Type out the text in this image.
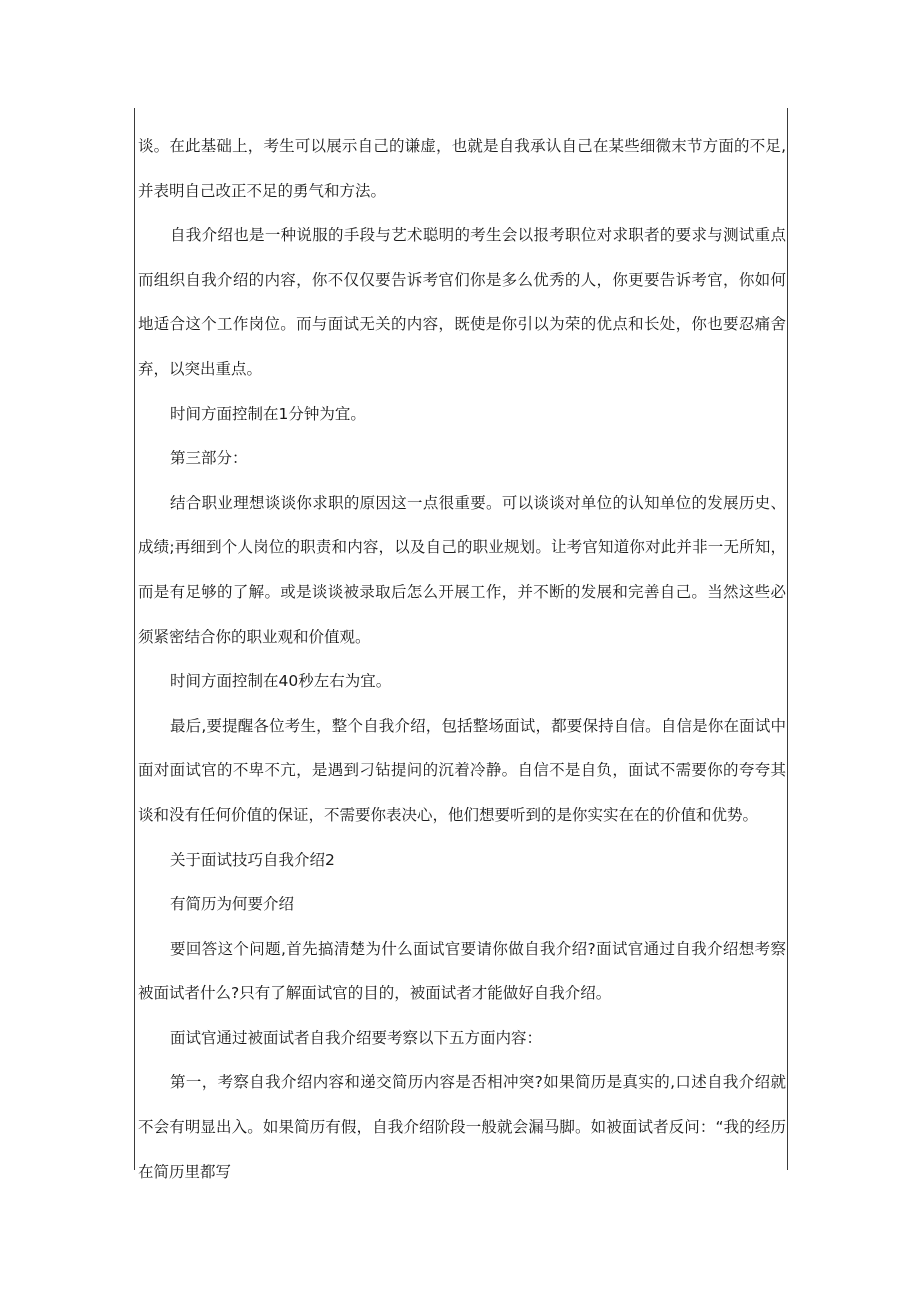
谈。在此基础上，考生可以展示自己的谦虚，也就是自我承认自己在某些细微末节方面的不足,并表明自己改正不足的勇气和方法。

自我介绍也是一种说服的手段与艺术聪明的考生会以报考职位对求职者的要求与测试重点而组织自我介绍的内容，你不仅仅要告诉考官们你是多么优秀的人，你更要告诉考官，你如何地适合这个工作岗位。而与面试无关的内容，既使是你引以为荣的优点和长处，你也要忍痛舍弃，以突出重点。

时间方面控制在1分钟为宜。

第三部分：

结合职业理想谈谈你求职的原因这一点很重要。可以谈谈对单位的认知单位的发展历史、成绩;再细到个人岗位的职责和内容，以及自己的职业规划。让考官知道你对此并非一无所知，而是有足够的了解。或是谈谈被录取后怎么开展工作，并不断的发展和完善自己。当然这些必须紧密结合你的职业观和价值观。

时间方面控制在40秒左右为宜。

最后,要提醒各位考生，整个自我介绍，包括整场面试，都要保持自信。自信是你在面试中面对面试官的不卑不亢，是遇到刁钻提问的沉着冷静。自信不是自负，面试不需要你的夸夸其谈和没有任何价值的保证，不需要你表决心，他们想要听到的是你实实在在的价值和优势。

关于面试技巧自我介绍2

有简历为何要介绍

要回答这个问题,首先搞清楚为什么面试官要请你做自我介绍?面试官通过自我介绍想考察被面试者什么?只有了解面试官的目的，被面试者才能做好自我介绍。

面试官通过被面试者自我介绍要考察以下五方面内容：

第一，考察自我介绍内容和递交简历内容是否相冲突?如果简历是真实的,口述自我介绍就不会有明显出入。如果简历有假，自我介绍阶段一般就会漏马脚。如被面试者反问：“我的经历在简历里都写
